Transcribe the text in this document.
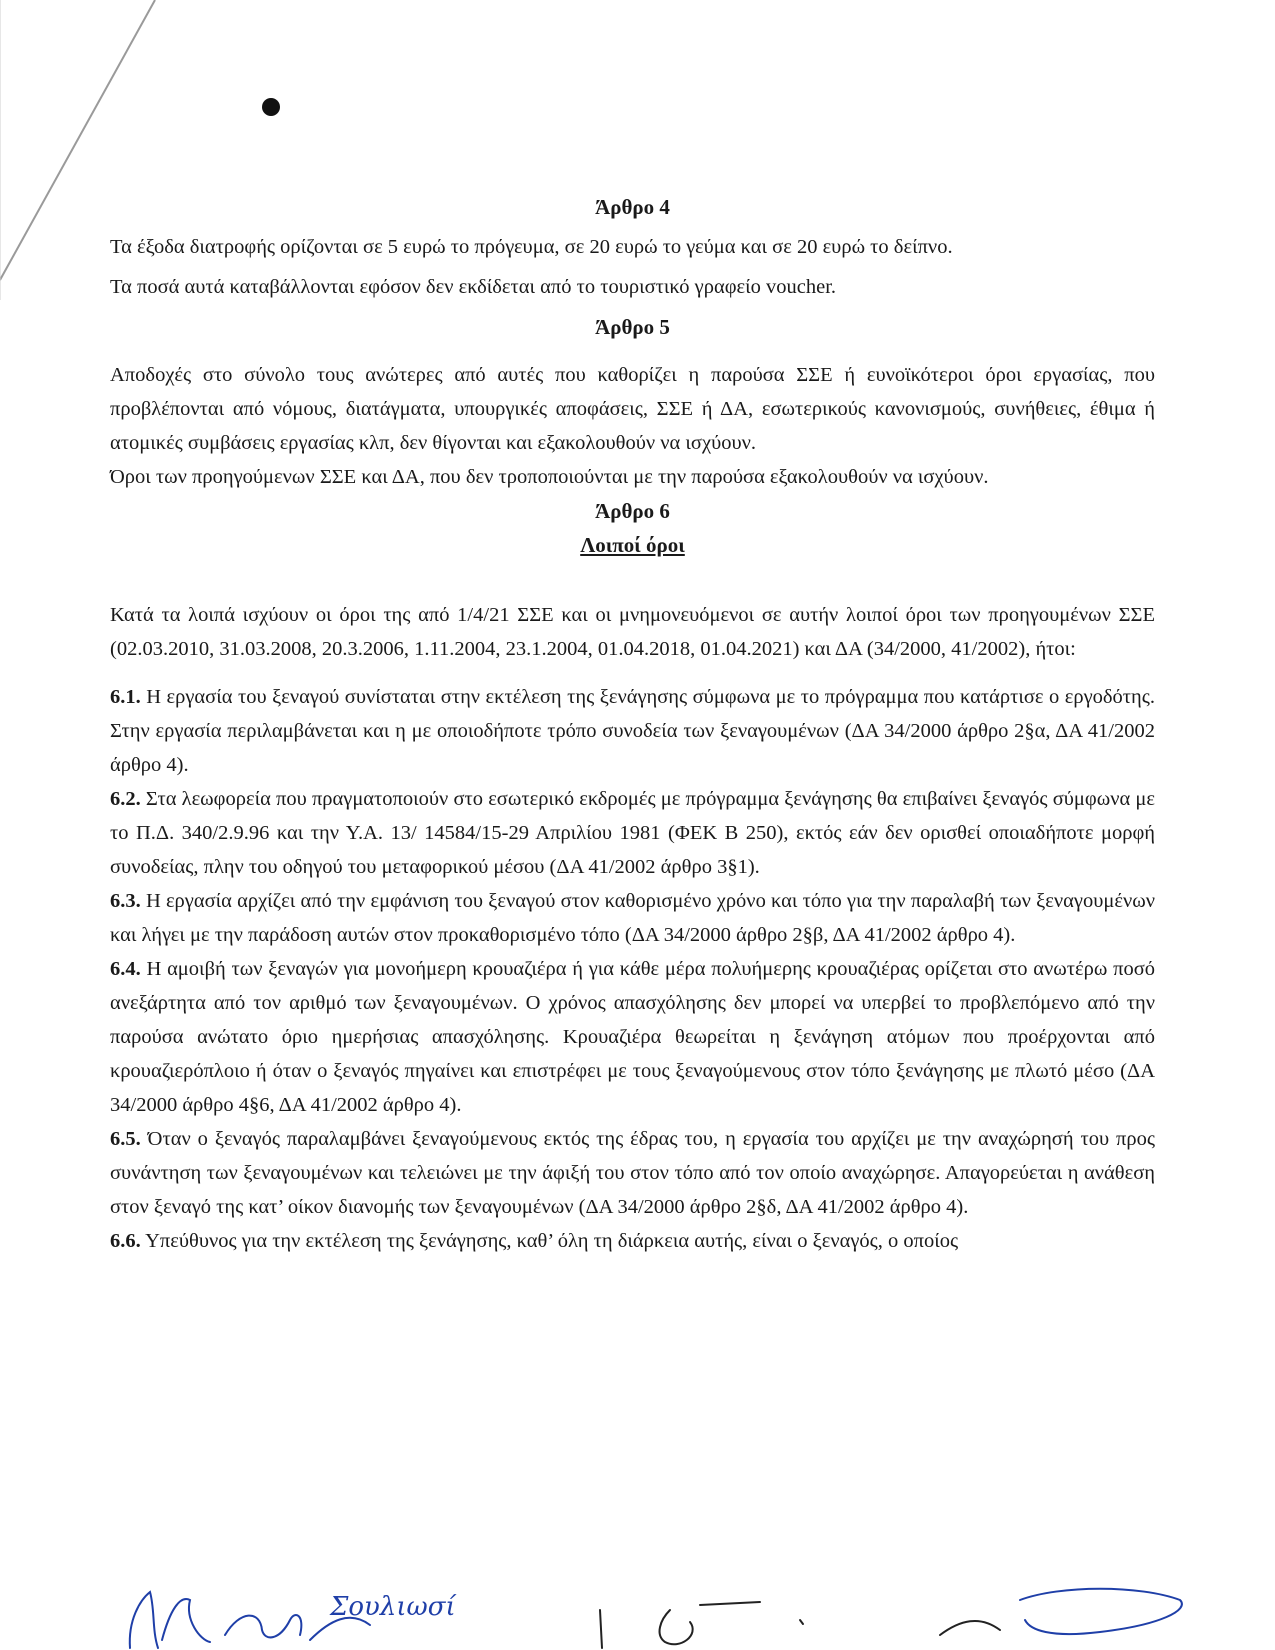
Άρθρο 4

Τα έξοδα διατροφής ορίζονται σε 5 ευρώ το πρόγευμα, σε 20 ευρώ το γεύμα και σε 20 ευρώ το δείπνο.

Τα ποσά αυτά καταβάλλονται εφόσον δεν εκδίδεται από το τουριστικό γραφείο voucher.

Άρθρο 5

Αποδοχές στο σύνολο τους ανώτερες από αυτές που καθορίζει η παρούσα ΣΣΕ ή ευνοϊκότεροι όροι εργασίας, που προβλέπονται από νόμους, διατάγματα, υπουργικές αποφάσεις, ΣΣΕ ή ΔΑ, εσωτερικούς κανονισμούς, συνήθειες, έθιμα ή ατομικές συμβάσεις εργασίας κλπ, δεν θίγονται και εξακολουθούν να ισχύουν.

Όροι των προηγούμενων ΣΣΕ και ΔΑ, που δεν τροποποιούνται με την παρούσα εξακολουθούν να ισχύουν.

Άρθρο 6
Λοιποί όροι

Κατά τα λοιπά ισχύουν οι όροι της από 1/4/21 ΣΣΕ και οι μνημονευόμενοι σε αυτήν λοιποί όροι των προηγουμένων ΣΣΕ (02.03.2010, 31.03.2008, 20.3.2006, 1.11.2004, 23.1.2004, 01.04.2018, 01.04.2021) και ΔΑ (34/2000, 41/2002), ήτοι:

6.1. Η εργασία του ξεναγού συνίσταται στην εκτέλεση της ξενάγησης σύμφωνα με το πρόγραμμα που κατάρτισε ο εργοδότης. Στην εργασία περιλαμβάνεται και η με οποιοδήποτε τρόπο συνοδεία των ξεναγουμένων (ΔΑ 34/2000 άρθρο 2§α, ΔΑ 41/2002 άρθρο 4).

6.2. Στα λεωφορεία που πραγματοποιούν στο εσωτερικό εκδρομές με πρόγραμμα ξενάγησης θα επιβαίνει ξεναγός σύμφωνα με το Π.Δ. 340/2.9.96 και την Υ.Α. 13/ 14584/15-29 Απριλίου 1981 (ΦΕΚ Β 250), εκτός εάν δεν ορισθεί οποιαδήποτε μορφή συνοδείας, πλην του οδηγού του μεταφορικού μέσου (ΔΑ 41/2002 άρθρο 3§1).

6.3. Η εργασία αρχίζει από την εμφάνιση του ξεναγού στον καθορισμένο χρόνο και τόπο για την παραλαβή των ξεναγουμένων και λήγει με την παράδοση αυτών στον προκαθορισμένο τόπο (ΔΑ 34/2000 άρθρο 2§β, ΔΑ 41/2002 άρθρο 4).

6.4. Η αμοιβή των ξεναγών για μονοήμερη κρουαζιέρα ή για κάθε μέρα πολυήμερης κρουαζιέρας ορίζεται στο ανωτέρω ποσό ανεξάρτητα από τον αριθμό των ξεναγουμένων. Ο χρόνος απασχόλησης δεν μπορεί να υπερβεί το προβλεπόμενο από την παρούσα ανώτατο όριο ημερήσιας απασχόλησης. Κρουαζιέρα θεωρείται η ξενάγηση ατόμων που προέρχονται από κρουαζιερόπλοιο ή όταν ο ξεναγός πηγαίνει και επιστρέφει με τους ξεναγούμενους στον τόπο ξενάγησης με πλωτό μέσο (ΔΑ 34/2000 άρθρο 4§6, ΔΑ 41/2002 άρθρο 4).

6.5. Όταν ο ξεναγός παραλαμβάνει ξεναγούμενους εκτός της έδρας του, η εργασία του αρχίζει με την αναχώρησή του προς συνάντηση των ξεναγουμένων και τελειώνει με την άφιξή του στον τόπο από τον οποίο αναχώρησε. Απαγορεύεται η ανάθεση στον ξεναγό της κατ’ οίκον διανομής των ξεναγουμένων (ΔΑ 34/2000 άρθρο 2§δ, ΔΑ 41/2002 άρθρο 4).

6.6. Υπεύθυνος για την εκτέλεση της ξενάγησης, καθ’ όλη τη διάρκεια αυτής, είναι ο ξεναγός, ο οποίος

Σουλιωσί
